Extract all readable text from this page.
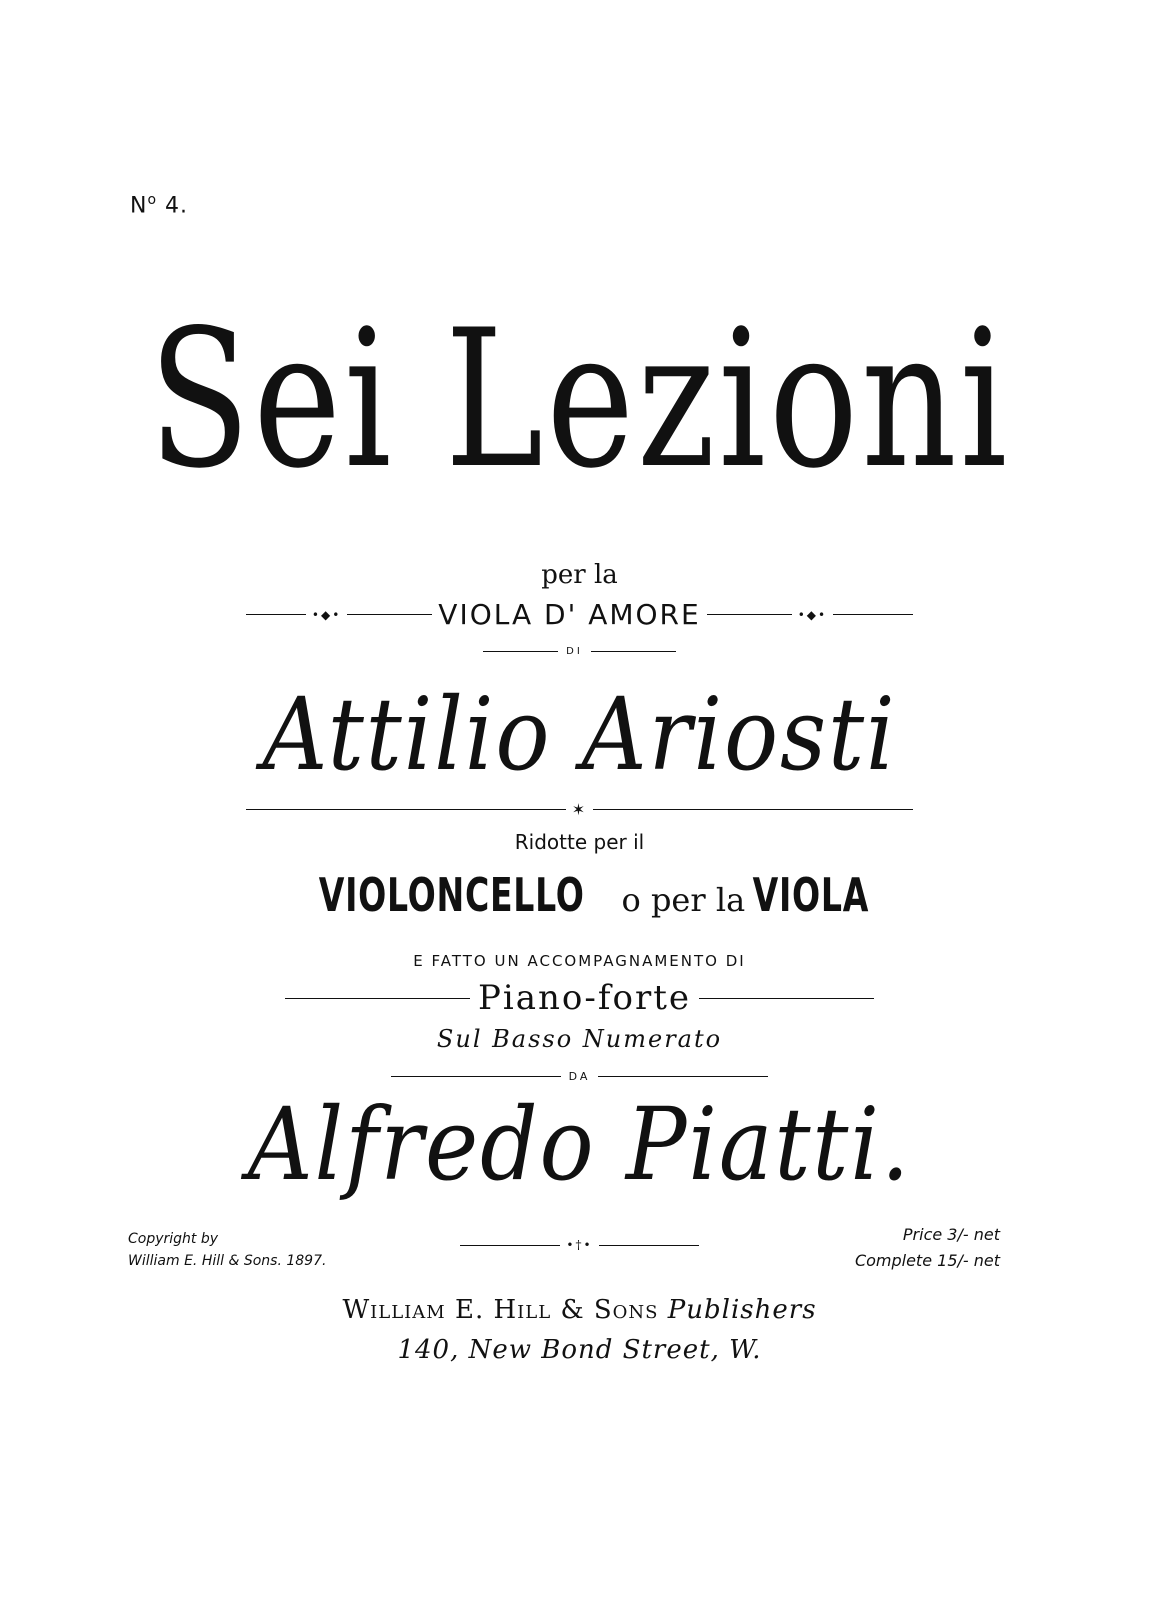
$N^o$ 4.
Sei Lezioni
per la
•◆•	VIOLA D' AMORE	•◆•
DI
Attilio Ariosti
✶
Ridotte per il
VIOLONCELLO o per la VIOLA
E FATTO UN ACCOMPAGNAMENTO DI
Piano-forte
Sul Basso Numerato
DA
Alfredo Piatti.
Copyright by
William E. Hill & Sons. 1897.
•†•
Price 3/- net
Complete 15/- net
William E. Hill & Sons Publishers
140, New Bond Street, W.
